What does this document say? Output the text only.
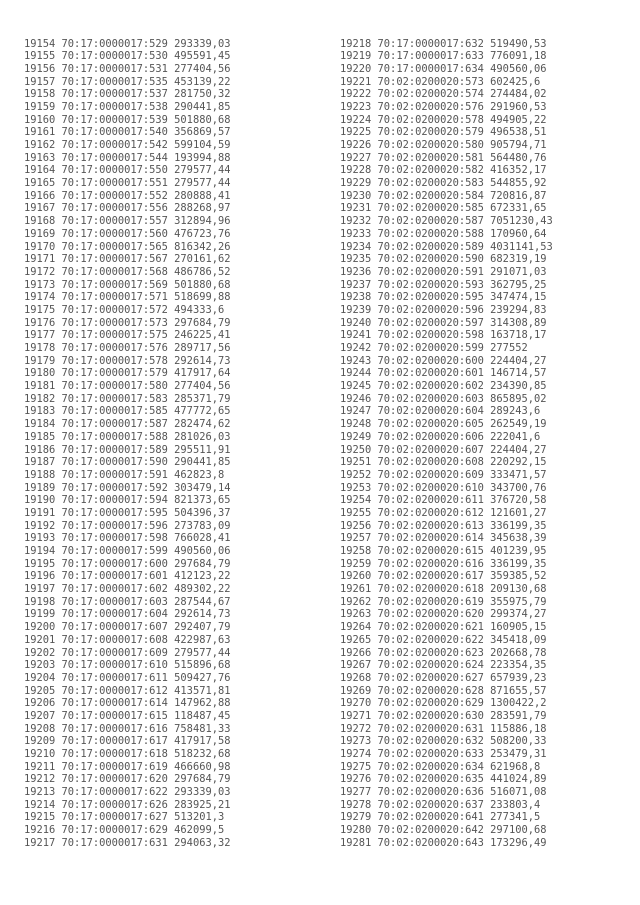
19154 70:17:0000017:529 293339,03
19155 70:17:0000017:530 495591,45
19156 70:17:0000017:531 277404,56
19157 70:17:0000017:535 453139,22
19158 70:17:0000017:537 281750,32
19159 70:17:0000017:538 290441,85
19160 70:17:0000017:539 501880,68
19161 70:17:0000017:540 356869,57
19162 70:17:0000017:542 599104,59
19163 70:17:0000017:544 193994,88
19164 70:17:0000017:550 279577,44
19165 70:17:0000017:551 279577,44
19166 70:17:0000017:552 280888,41
19167 70:17:0000017:556 288268,97
19168 70:17:0000017:557 312894,96
19169 70:17:0000017:560 476723,76
19170 70:17:0000017:565 816342,26
19171 70:17:0000017:567 270161,62
19172 70:17:0000017:568 486786,52
19173 70:17:0000017:569 501880,68
19174 70:17:0000017:571 518699,88
19175 70:17:0000017:572 494333,6
19176 70:17:0000017:573 297684,79
19177 70:17:0000017:575 246225,41
19178 70:17:0000017:576 289717,56
19179 70:17:0000017:578 292614,73
19180 70:17:0000017:579 417917,64
19181 70:17:0000017:580 277404,56
19182 70:17:0000017:583 285371,79
19183 70:17:0000017:585 477772,65
19184 70:17:0000017:587 282474,62
19185 70:17:0000017:588 281026,03
19186 70:17:0000017:589 295511,91
19187 70:17:0000017:590 290441,85
19188 70:17:0000017:591 462823,8
19189 70:17:0000017:592 303479,14
19190 70:17:0000017:594 821373,65
19191 70:17:0000017:595 504396,37
19192 70:17:0000017:596 273783,09
19193 70:17:0000017:598 766028,41
19194 70:17:0000017:599 490560,06
19195 70:17:0000017:600 297684,79
19196 70:17:0000017:601 412123,22
19197 70:17:0000017:602 489302,22
19198 70:17:0000017:603 287544,67
19199 70:17:0000017:604 292614,73
19200 70:17:0000017:607 292407,79
19201 70:17:0000017:608 422987,63
19202 70:17:0000017:609 279577,44
19203 70:17:0000017:610 515896,68
19204 70:17:0000017:611 509427,76
19205 70:17:0000017:612 413571,81
19206 70:17:0000017:614 147962,88
19207 70:17:0000017:615 118487,45
19208 70:17:0000017:616 758481,33
19209 70:17:0000017:617 417917,58
19210 70:17:0000017:618 518232,68
19211 70:17:0000017:619 466660,98
19212 70:17:0000017:620 297684,79
19213 70:17:0000017:622 293339,03
19214 70:17:0000017:626 283925,21
19215 70:17:0000017:627 513201,3
19216 70:17:0000017:629 462099,5
19217 70:17:0000017:631 294063,32
19218 70:17:0000017:632 519490,53
19219 70:17:0000017:633 776091,18
19220 70:17:0000017:634 490560,06
19221 70:02:0200020:573 602425,6
19222 70:02:0200020:574 274484,02
19223 70:02:0200020:576 291960,53
19224 70:02:0200020:578 494905,22
19225 70:02:0200020:579 496538,51
19226 70:02:0200020:580 905794,71
19227 70:02:0200020:581 564480,76
19228 70:02:0200020:582 416352,17
19229 70:02:0200020:583 544855,92
19230 70:02:0200020:584 720816,87
19231 70:02:0200020:585 672331,65
19232 70:02:0200020:587 7051230,43
19233 70:02:0200020:588 170960,64
19234 70:02:0200020:589 4031141,53
19235 70:02:0200020:590 682319,19
19236 70:02:0200020:591 291071,03
19237 70:02:0200020:593 362795,25
19238 70:02:0200020:595 347474,15
19239 70:02:0200020:596 239294,83
19240 70:02:0200020:597 314308,89
19241 70:02:0200020:598 163718,17
19242 70:02:0200020:599 277552
19243 70:02:0200020:600 224404,27
19244 70:02:0200020:601 146714,57
19245 70:02:0200020:602 234390,85
19246 70:02:0200020:603 865895,02
19247 70:02:0200020:604 289243,6
19248 70:02:0200020:605 262549,19
19249 70:02:0200020:606 222041,6
19250 70:02:0200020:607 224404,27
19251 70:02:0200020:608 220292,15
19252 70:02:0200020:609 333471,57
19253 70:02:0200020:610 343700,76
19254 70:02:0200020:611 376720,58
19255 70:02:0200020:612 121601,27
19256 70:02:0200020:613 336199,35
19257 70:02:0200020:614 345638,39
19258 70:02:0200020:615 401239,95
19259 70:02:0200020:616 336199,35
19260 70:02:0200020:617 359385,52
19261 70:02:0200020:618 209130,68
19262 70:02:0200020:619 355975,79
19263 70:02:0200020:620 299374,27
19264 70:02:0200020:621 160905,15
19265 70:02:0200020:622 345418,09
19266 70:02:0200020:623 202668,78
19267 70:02:0200020:624 223354,35
19268 70:02:0200020:627 657939,23
19269 70:02:0200020:628 871655,57
19270 70:02:0200020:629 1300422,2
19271 70:02:0200020:630 283591,79
19272 70:02:0200020:631 115886,18
19273 70:02:0200020:632 508200,33
19274 70:02:0200020:633 253479,31
19275 70:02:0200020:634 621968,8
19276 70:02:0200020:635 441024,89
19277 70:02:0200020:636 516071,08
19278 70:02:0200020:637 233803,4
19279 70:02:0200020:641 277341,5
19280 70:02:0200020:642 297100,68
19281 70:02:0200020:643 173296,49
